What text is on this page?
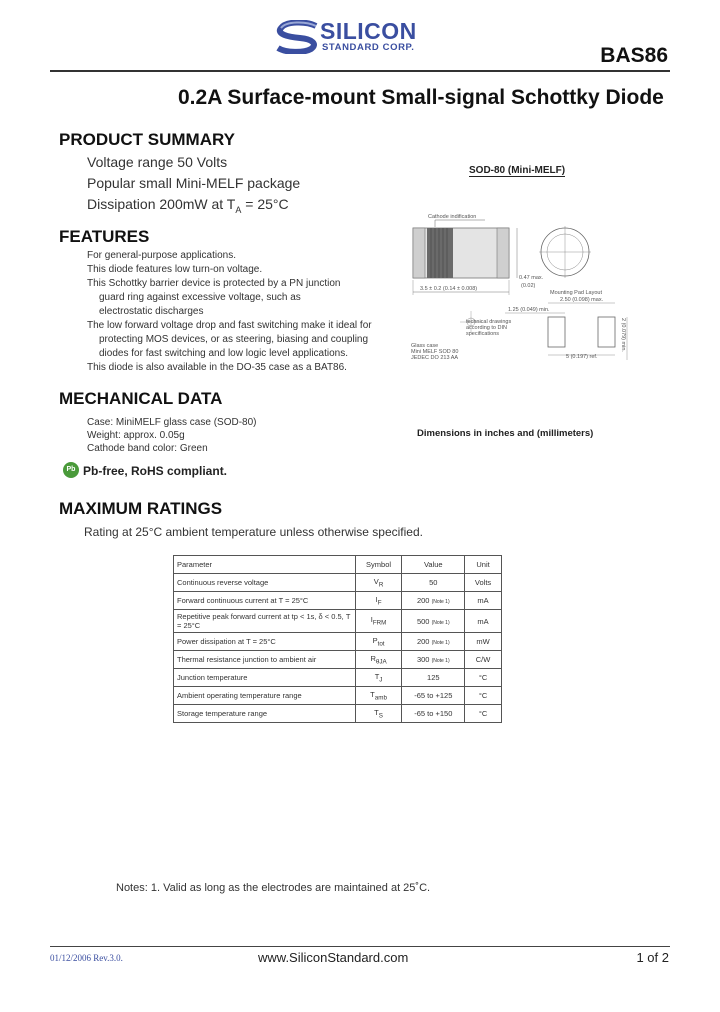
SILICON
STANDARD CORP.	BAS86
0.2A Surface-mount Small-signal Schottky Diode
PRODUCT SUMMARY
Voltage range 50 Volts
Popular small Mini-MELF package
Dissipation 200mW at $T_A = 25^\circ C$
FEATURES
For general-purpose applications.
This diode features low turn-on voltage.
This Schottky barrier device is protected by a PN junction
guard ring against excessive voltage, such as
electrostatic discharges
The low forward voltage drop and fast switching make it ideal for
protecting MOS devices, or as steering, biasing and coupling
diodes for fast switching and low logic level applications.
This diode is also available in the DO-35 case as a BAT86.
MECHANICAL DATA
Case: MiniMELF glass case (SOD-80)
Weight: approx. 0.05g
Cathode band color: Green
Pb Pb-free, RoHS compliant.
SOD-80 (Mini-MELF)
Cathode indification
3.5 ± 0.2 (0.14 ± 0.008)
0.47 max.
(0.02)
Mounting Pad Layout
2.50 (0.098) max.
1.25 (0.049) min.
5 (0.197) ref.
2 (0.079) min.
technical drawings
according to DIN
specifications
Glass case
Mini MELF SOD 80
JEDEC DO 213 AA
Dimensions in inches and (millimeters)
MAXIMUM RATINGS
Rating at 25°C ambient temperature unless otherwise specified.
Parameter	Symbol	Value	Unit
Continuous reverse voltage	$V_R$	50	Volts
Forward continuous current at T = 25°C	$I_F$	200 (Note 1)	mA
Repetitive peak forward current at tp < 1s, δ < 0.5, T = 25°C	$I_{FRM}$	500 (Note 1)	mA
Power dissipation at T = 25°C	$P_{tot}$	200 (Note 1)	mW
Thermal resistance junction to ambient air	$R_{\theta JA}$	300 (Note 1)	C/W
Junction temperature	$T_J$	125	°C
Ambient operating temperature range	$T_{amb}$	-65 to +125	°C
Storage temperature range	$T_S$	-65 to +150	°C
Notes: 1. Valid as long as the electrodes are maintained at 25˚C.
01/12/2006 Rev.3.0.	www.SiliconStandard.com	1 of 2
